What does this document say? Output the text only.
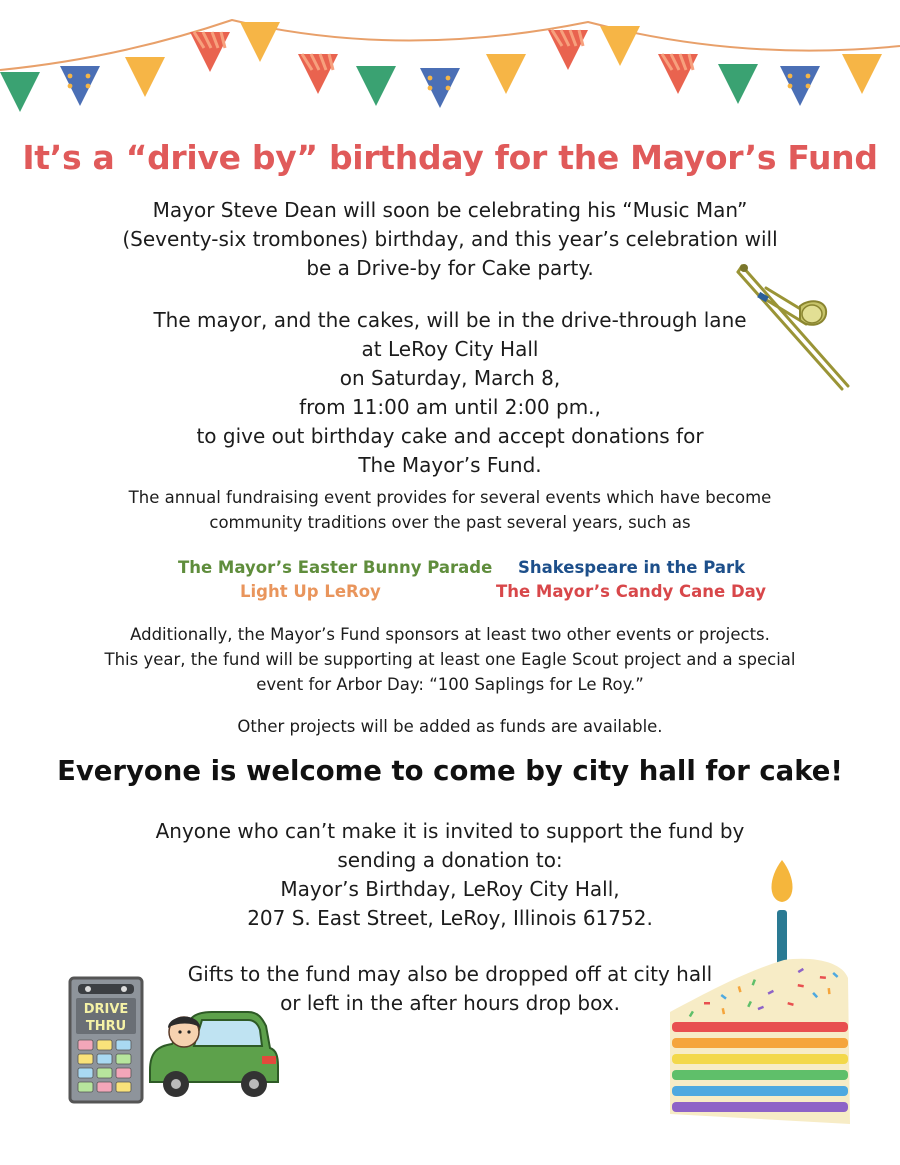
It’s a “drive by” birthday for the Mayor’s Fund

Mayor Steve Dean will soon be celebrating his “Music Man”

(Seventy-six trombones) birthday, and this year’s celebration will

be a Drive-by for Cake party.

The mayor, and the cakes, will be in the drive-through lane

at LeRoy City Hall

on Saturday, March 8,

from 11:00 am until 2:00 pm.,

to give out birthday cake and accept donations for

The Mayor’s Fund.

The annual fundraising event provides for several events which have become

community traditions over the past several years, such as

The Mayor’s Easter Bunny Parade Shakespeare in the Park
Light Up LeRoy	The Mayor’s Candy Cane Day

Additionally, the Mayor’s Fund sponsors at least two other events or projects.

This year, the fund will be supporting at least one Eagle Scout project and a special

event for Arbor Day: “100 Saplings for Le Roy.”

Other projects will be added as funds are available.

Everyone is welcome to come by city hall for cake!

Anyone who can’t make it is invited to support the fund by

sending a donation to:

Mayor’s Birthday, LeRoy City Hall,

207 S. East Street, LeRoy, Illinois 61752.

Gifts to the fund may also be dropped off at city hall

or left in the after hours drop box.

DRIVE
THRU
